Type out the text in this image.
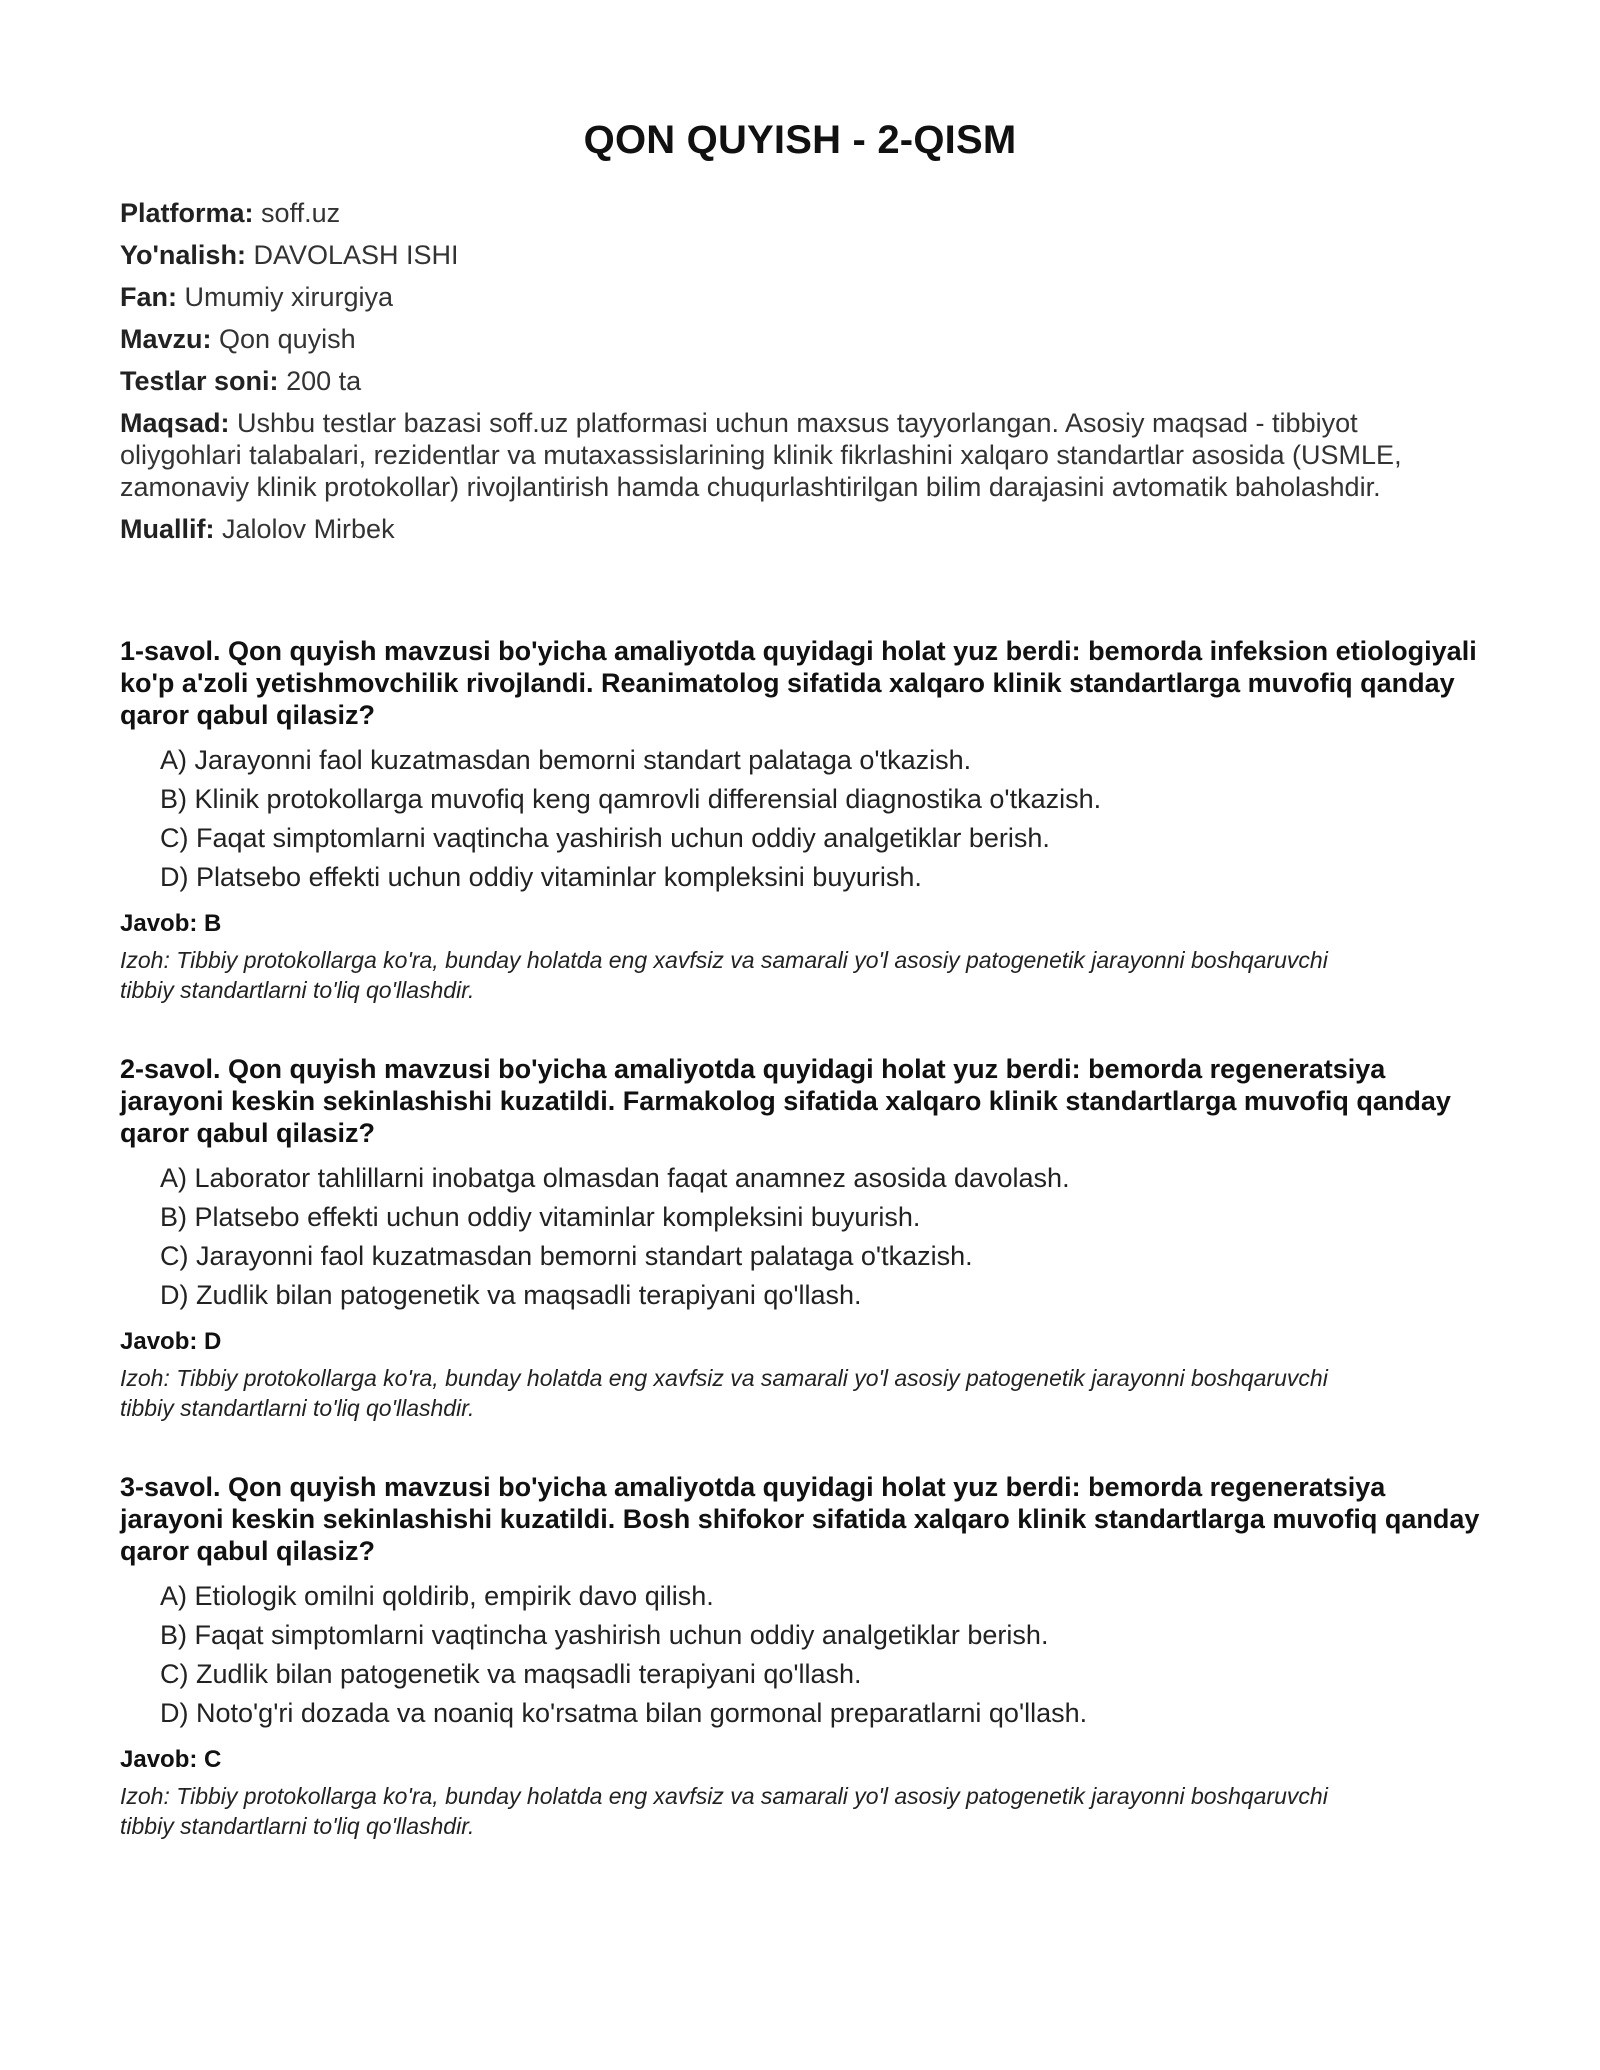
QON QUYISH - 2-QISM
Platforma: soff.uz
Yo'nalish: DAVOLASH ISHI
Fan: Umumiy xirurgiya
Mavzu: Qon quyish
Testlar soni: 200 ta
Maqsad: Ushbu testlar bazasi soff.uz platformasi uchun maxsus tayyorlangan. Asosiy maqsad - tibbiyot oliygohlari talabalari, rezidentlar va mutaxassislarining klinik fikrlashini xalqaro standartlar asosida (USMLE, zamonaviy klinik protokollar) rivojlantirish hamda chuqurlashtirilgan bilim darajasini avtomatik baholashdir.
Muallif: Jalolov Mirbek
1-savol. Qon quyish mavzusi bo'yicha amaliyotda quyidagi holat yuz berdi: bemorda infeksion etiologiyali ko'p a'zoli yetishmovchilik rivojlandi. Reanimatolog sifatida xalqaro klinik standartlarga muvofiq qanday qaror qabul qilasiz?
A) Jarayonni faol kuzatmasdan bemorni standart palataga o'tkazish.
B) Klinik protokollarga muvofiq keng qamrovli differensial diagnostika o'tkazish.
C) Faqat simptomlarni vaqtincha yashirish uchun oddiy analgetiklar berish.
D) Platsebo effekti uchun oddiy vitaminlar kompleksini buyurish.
Javob: B
Izoh: Tibbiy protokollarga ko'ra, bunday holatda eng xavfsiz va samarali yo'l asosiy patogenetik jarayonni boshqaruvchi tibbiy standartlarni to'liq qo'llashdir.
2-savol. Qon quyish mavzusi bo'yicha amaliyotda quyidagi holat yuz berdi: bemorda regeneratsiya jarayoni keskin sekinlashishi kuzatildi. Farmakolog sifatida xalqaro klinik standartlarga muvofiq qanday qaror qabul qilasiz?
A) Laborator tahlillarni inobatga olmasdan faqat anamnez asosida davolash.
B) Platsebo effekti uchun oddiy vitaminlar kompleksini buyurish.
C) Jarayonni faol kuzatmasdan bemorni standart palataga o'tkazish.
D) Zudlik bilan patogenetik va maqsadli terapiyani qo'llash.
Javob: D
Izoh: Tibbiy protokollarga ko'ra, bunday holatda eng xavfsiz va samarali yo'l asosiy patogenetik jarayonni boshqaruvchi tibbiy standartlarni to'liq qo'llashdir.
3-savol. Qon quyish mavzusi bo'yicha amaliyotda quyidagi holat yuz berdi: bemorda regeneratsiya jarayoni keskin sekinlashishi kuzatildi. Bosh shifokor sifatida xalqaro klinik standartlarga muvofiq qanday qaror qabul qilasiz?
A) Etiologik omilni qoldirib, empirik davo qilish.
B) Faqat simptomlarni vaqtincha yashirish uchun oddiy analgetiklar berish.
C) Zudlik bilan patogenetik va maqsadli terapiyani qo'llash.
D) Noto'g'ri dozada va noaniq ko'rsatma bilan gormonal preparatlarni qo'llash.
Javob: C
Izoh: Tibbiy protokollarga ko'ra, bunday holatda eng xavfsiz va samarali yo'l asosiy patogenetik jarayonni boshqaruvchi tibbiy standartlarni to'liq qo'llashdir.
